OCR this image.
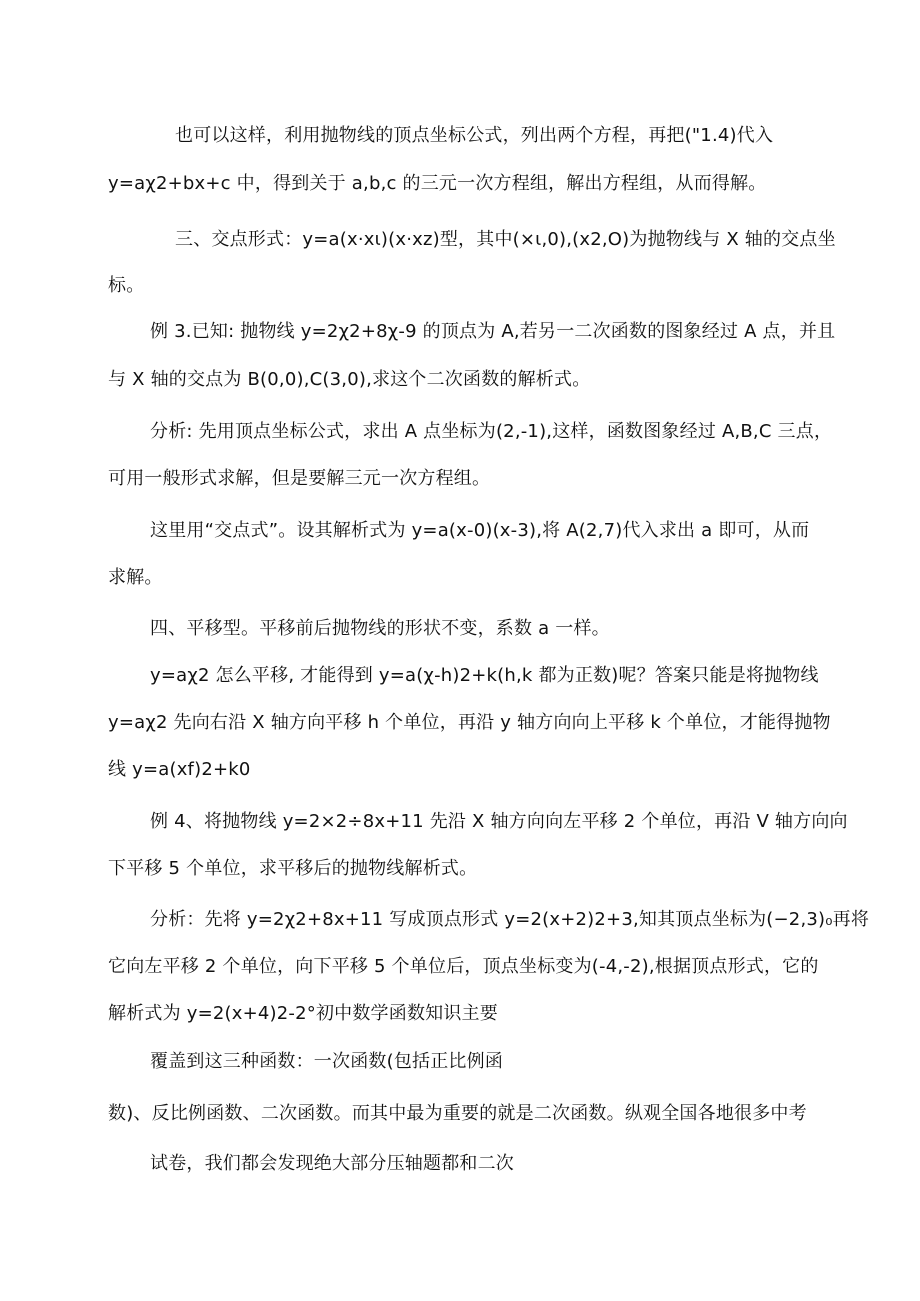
也可以这样，利用抛物线的顶点坐标公式，列出两个方程，再把("1.4)代入
y=aχ2+bx+c 中，得到关于 a,b,c 的三元一次方程组，解出方程组，从而得解。
三、交点形式：y=a(x·xι)(x·xz)型，其中(×ι,0),(x2,O)为抛物线与 X 轴的交点坐
标。
例 3.已知: 抛物线 y=2χ2+8χ-9 的顶点为 A,若另一二次函数的图象经过 A 点，并且
与 X 轴的交点为 B(0,0),C(3,0),求这个二次函数的解析式。
分析: 先用顶点坐标公式，求出 A 点坐标为(2,-1),这样，函数图象经过 A,B,C 三点，
可用一般形式求解，但是要解三元一次方程组。
这里用“交点式”。设其解析式为 y=a(x-0)(x-3),将 A(2,7)代入求出 a 即可，从而
求解。
四、平移型。平移前后抛物线的形状不变，系数 a 一样。
y=aχ2 怎么平移, 才能得到 y=a(χ-h)2+k(h,k 都为正数)呢？答案只能是将抛物线
y=aχ2 先向右沿 X 轴方向平移 h 个单位，再沿 y 轴方向向上平移 k 个单位，才能得抛物
线 y=a(xf)2+k0
例 4、将抛物线 y=2×2÷8x+11 先沿 X 轴方向向左平移 2 个单位，再沿 V 轴方向向
下平移 5 个单位，求平移后的抛物线解析式。
分析：先将 y=2χ2+8x+11 写成顶点形式 y=2(x+2)2+3,知其顶点坐标为(−2,3)₀再将
它向左平移 2 个单位，向下平移 5 个单位后，顶点坐标变为(-4,-2),根据顶点形式，它的
解析式为 y=2(x+4)2-2°初中数学函数知识主要
覆盖到这三种函数：一次函数(包括正比例函
数)、反比例函数、二次函数。而其中最为重要的就是二次函数。纵观全国各地很多中考
试卷，我们都会发现绝大部分压轴题都和二次
